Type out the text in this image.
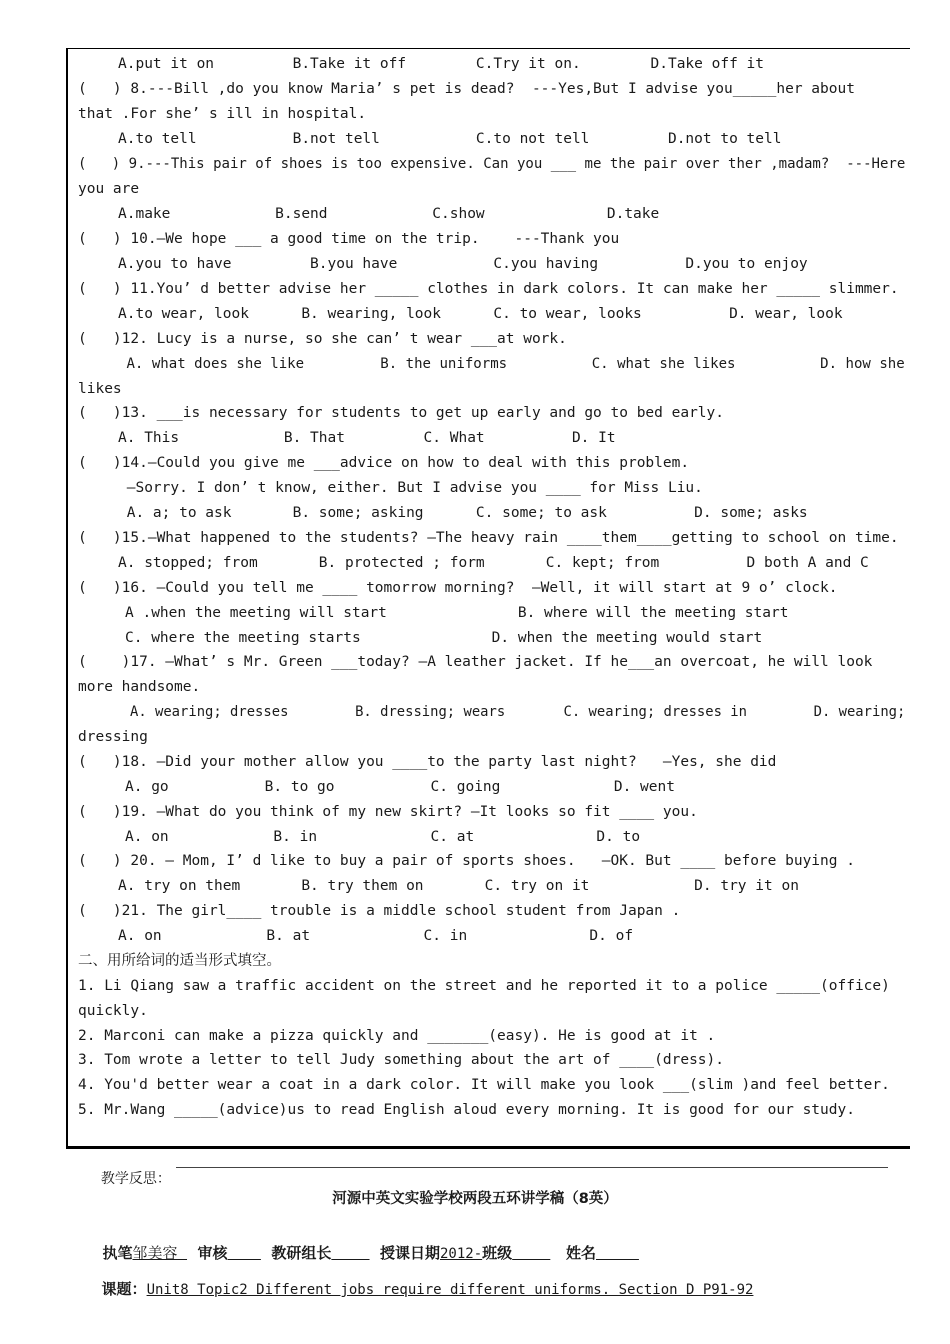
A.put it on         B.Take it off        C.Try it on.        D.Take off it
(   ) 8.---Bill ,do you know Maria’ s pet is dead?  ---Yes,But I advise you_____her about
that .For she’ s ill in hospital.
A.to tell           B.not tell           C.to not tell         D.not to tell
(   ) 9.---This pair of shoes is too expensive. Can you ___ me the pair over ther ,madam?  ---Here
you are
A.make            B.send            C.show              D.take
(   ) 10.—We hope ___ a good time on the trip.    ---Thank you
A.you to have         B.you have           C.you having          D.you to enjoy
(   ) 11.You’ d better advise her _____ clothes in dark colors. It can make her _____ slimmer.
A.to wear, look      B. wearing, look      C. to wear, looks          D. wear, look
(   )12. Lucy is a nurse, so she can’ t wear ___at work.
A. what does she like         B. the uniforms          C. what she likes          D. how she
likes
(   )13. ___is necessary for students to get up early and go to bed early.
A. This            B. That         C. What          D. It
(   )14.—Could you give me ___advice on how to deal with this problem.
—Sorry. I don’ t know, either. But I advise you ____ for Miss Liu.
A. a; to ask       B. some; asking      C. some; to ask          D. some; asks
(   )15.—What happened to the students? —The heavy rain ____them____getting to school on time.
A. stopped; from       B. protected ; form       C. kept; from          D both A and C
(   )16. —Could you tell me ____ tomorrow morning?  —Well, it will start at 9 o’ clock.
A .when the meeting will start               B. where will the meeting start
C. where the meeting starts               D. when the meeting would start
(    )17. —What’ s Mr. Green ___today? —A leather jacket. If he___an overcoat, he will look
more handsome.
A. wearing; dresses        B. dressing; wears       C. wearing; dresses in        D. wearing;
dressing
(   )18. —Did your mother allow you ____to the party last night?   —Yes, she did
A. go           B. to go           C. going             D. went
(   )19. —What do you think of my new skirt? —It looks so fit ____ you.
A. on            B. in             C. at              D. to
(   ) 20. — Mom, I’ d like to buy a pair of sports shoes.   —OK. But ____ before buying .
A. try on them       B. try them on       C. try on it            D. try it on
(   )21. The girl____ trouble is a middle school student from Japan .
A. on            B. at             C. in              D. of
二、用所给词的适当形式填空。
1. Li Qiang saw a traffic accident on the street and he reported it to a police _____(office)
quickly.
2. Marconi can make a pizza quickly and _______(easy). He is good at it .
3. Tom wrote a letter to tell Judy something about the art of ____(dress).
4. You'd better wear a coat in a dark color. It will make you look ___(slim )and feel better.
5. Mr.Wang _____(advice)us to read English aloud every morning. It is good for our study.

教学反思：

河源中英文实验学校两段五环讲学稿（8英）

执笔邹美容 审核	教研组长	授课日期2012-班级	姓名

课题：Unit8 Topic2 Different jobs require different uniforms. Section D P91-92
